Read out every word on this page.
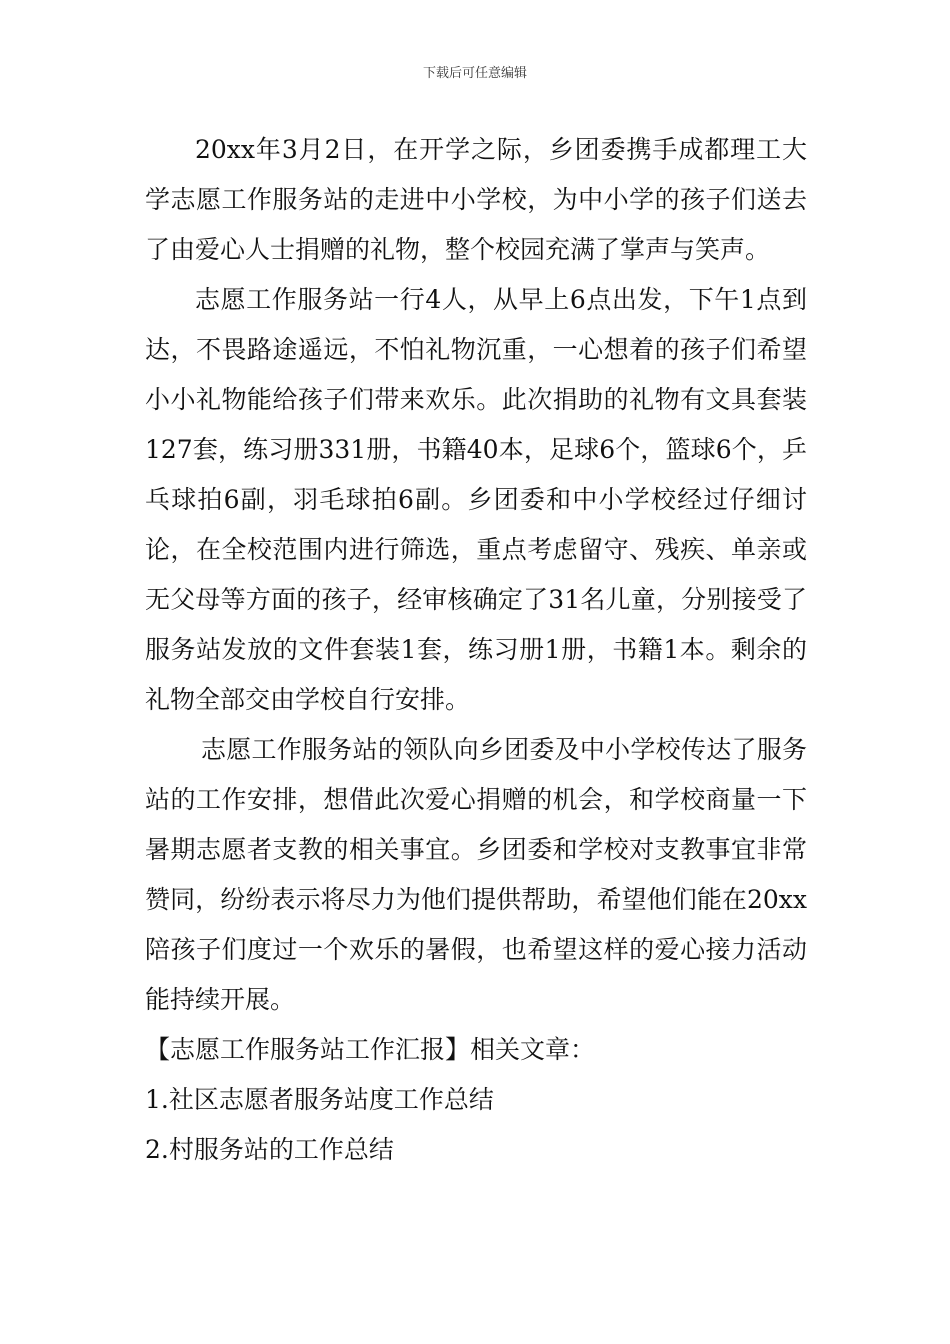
下载后可任意编辑

20xx年3月2日，在开学之际，乡团委携手成都理工大学志愿工作服务站的走进中小学校，为中小学的孩子们送去了由爱心人士捐赠的礼物，整个校园充满了掌声与笑声。

志愿工作服务站一行4人，从早上6点出发，下午1点到达，不畏路途遥远，不怕礼物沉重，一心想着的孩子们希望小小礼物能给孩子们带来欢乐。此次捐助的礼物有文具套装127套，练习册331册，书籍40本，足球6个，篮球6个，乒乓球拍6副，羽毛球拍6副。乡团委和中小学校经过仔细讨论，在全校范围内进行筛选，重点考虑留守、残疾、单亲或无父母等方面的孩子，经审核确定了31名儿童，分别接受了服务站发放的文件套装1套，练习册1册，书籍1本。剩余的礼物全部交由学校自行安排。

志愿工作服务站的领队向乡团委及中小学校传达了服务站的工作安排，想借此次爱心捐赠的机会，和学校商量一下暑期志愿者支教的相关事宜。乡团委和学校对支教事宜非常赞同，纷纷表示将尽力为他们提供帮助，希望他们能在20xx陪孩子们度过一个欢乐的暑假，也希望这样的爱心接力活动能持续开展。

【志愿工作服务站工作汇报】相关文章：

1.社区志愿者服务站度工作总结

2.村服务站的工作总结
